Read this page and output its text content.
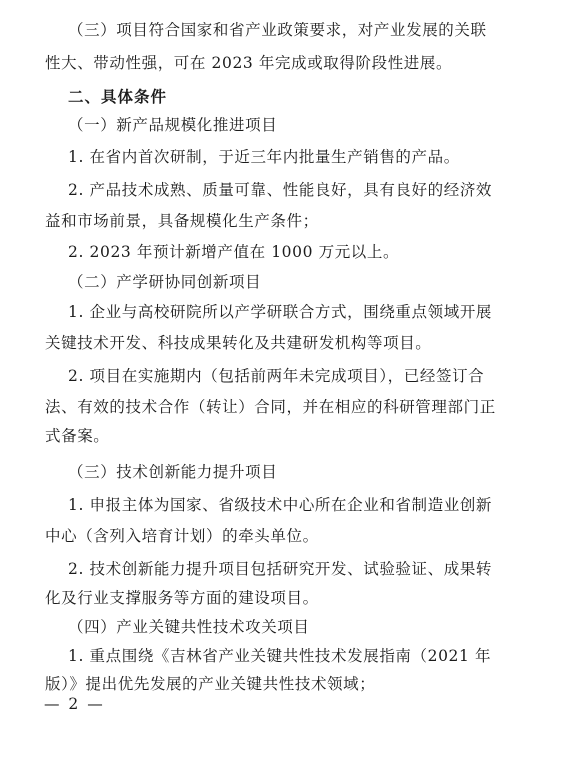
（三）项目符合国家和省产业政策要求，对产业发展的关联
性大、带动性强，可在 2023 年完成或取得阶段性进展。
二、具体条件
（一）新产品规模化推进项目
1. 在省内首次研制，于近三年内批量生产销售的产品。
2. 产品技术成熟、质量可靠、性能良好，具有良好的经济效
益和市场前景，具备规模化生产条件；
2. 2023 年预计新增产值在 1000 万元以上。
（二）产学研协同创新项目
1. 企业与高校研院所以产学研联合方式，围绕重点领域开展
关键技术开发、科技成果转化及共建研发机构等项目。
2. 项目在实施期内（包括前两年未完成项目），已经签订合
法、有效的技术合作（转让）合同，并在相应的科研管理部门正
式备案。
（三）技术创新能力提升项目
1. 申报主体为国家、省级技术中心所在企业和省制造业创新
中心（含列入培育计划）的牵头单位。
2. 技术创新能力提升项目包括研究开发、试验验证、成果转
化及行业支撑服务等方面的建设项目。
（四）产业关键共性技术攻关项目
1. 重点围绕《吉林省产业关键共性技术发展指南（2021 年
版）》提出优先发展的产业关键共性技术领域；
— 2 —
